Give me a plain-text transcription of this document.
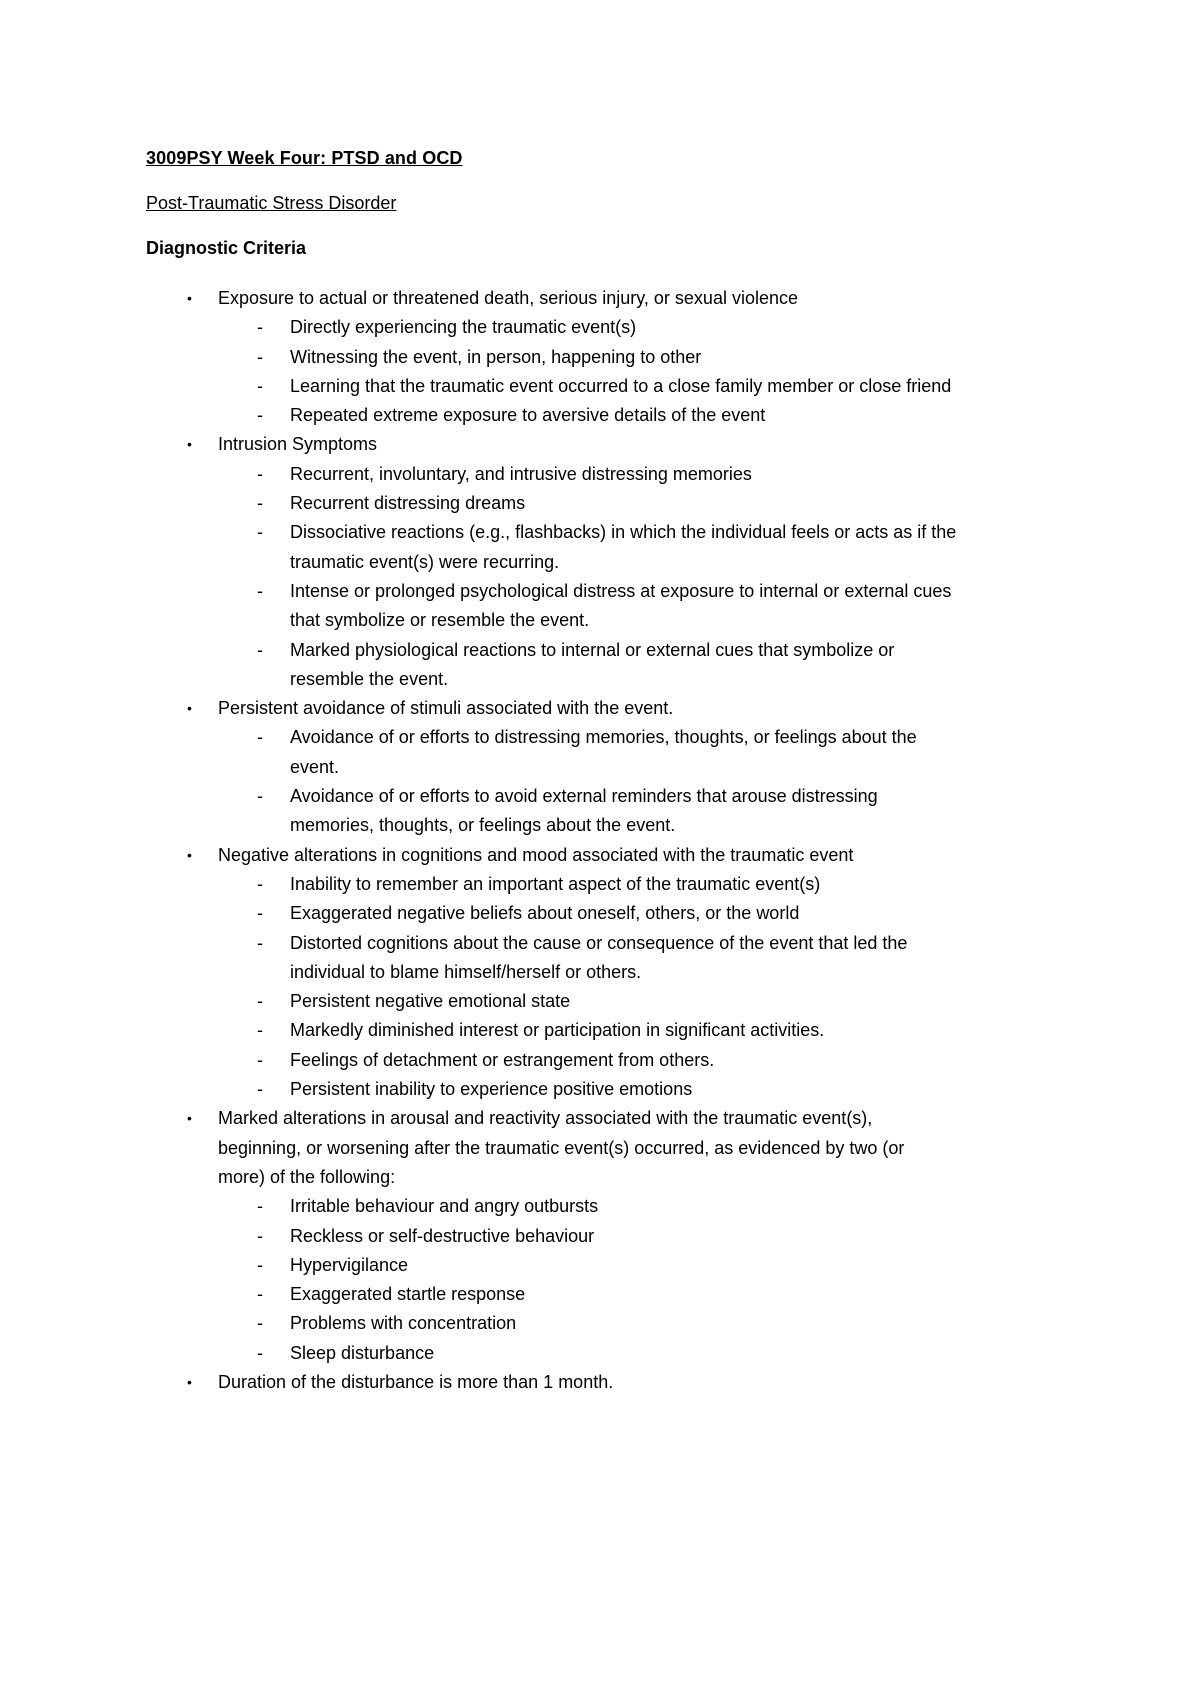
3009PSY Week Four: PTSD and OCD
Post-Traumatic Stress Disorder
Diagnostic Criteria
• Exposure to actual or threatened death, serious injury, or sexual violence
- Directly experiencing the traumatic event(s)
- Witnessing the event, in person, happening to other
- Learning that the traumatic event occurred to a close family member or close friend
- Repeated extreme exposure to aversive details of the event
• Intrusion Symptoms
- Recurrent, involuntary, and intrusive distressing memories
- Recurrent distressing dreams
- Dissociative reactions (e.g., flashbacks) in which the individual feels or acts as if the
traumatic event(s) were recurring.
- Intense or prolonged psychological distress at exposure to internal or external cues
that symbolize or resemble the event.
- Marked physiological reactions to internal or external cues that symbolize or
resemble the event.
• Persistent avoidance of stimuli associated with the event.
- Avoidance of or efforts to distressing memories, thoughts, or feelings about the
event.
- Avoidance of or efforts to avoid external reminders that arouse distressing
memories, thoughts, or feelings about the event.
• Negative alterations in cognitions and mood associated with the traumatic event
- Inability to remember an important aspect of the traumatic event(s)
- Exaggerated negative beliefs about oneself, others, or the world
- Distorted cognitions about the cause or consequence of the event that led the
individual to blame himself/herself or others.
- Persistent negative emotional state
- Markedly diminished interest or participation in significant activities.
- Feelings of detachment or estrangement from others.
- Persistent inability to experience positive emotions
• Marked alterations in arousal and reactivity associated with the traumatic event(s),
beginning, or worsening after the traumatic event(s) occurred, as evidenced by two (or
more) of the following:
- Irritable behaviour and angry outbursts
- Reckless or self-destructive behaviour
- Hypervigilance
- Exaggerated startle response
- Problems with concentration
- Sleep disturbance
• Duration of the disturbance is more than 1 month.
